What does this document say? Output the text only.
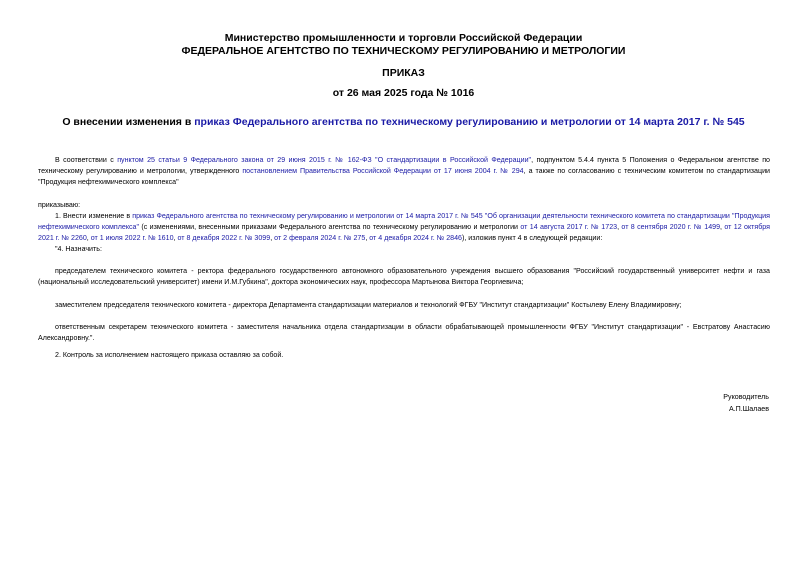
Министерство промышленности и торговли Российской Федерации
ФЕДЕРАЛЬНОЕ АГЕНТСТВО ПО ТЕХНИЧЕСКОМУ РЕГУЛИРОВАНИЮ И МЕТРОЛОГИИ
ПРИКАЗ
от 26 мая 2025 года № 1016
О внесении изменения в приказ Федерального агентства по техническому регулированию и метрологии от 14 марта 2017 г. № 545

В соответствии с пунктом 25 статьи 9 Федерального закона от 29 июня 2015 г. № 162-ФЗ "О стандартизации в Российской Федерации", подпунктом 5.4.4 пункта 5 Положения о Федеральном агентстве по техническому регулированию и метрологии, утвержденного постановлением Правительства Российской Федерации от 17 июня 2004 г. № 294, а также по согласованию с техническим комитетом по стандартизации "Продукция нефтехимического комплекса"

приказываю:

1. Внести изменение в приказ Федерального агентства по техническому регулированию и метрологии от 14 марта 2017 г. № 545 "Об организации деятельности технического комитета по стандартизации "Продукция нефтехимического комплекса" (с изменениями, внесенными приказами Федерального агентства по техническому регулированию и метрологии от 14 августа 2017 г. № 1723, от 8 сентября 2020 г. № 1499, от 12 октября 2021 г. № 2260, от 1 июля 2022 г. № 1610, от 8 декабря 2022 г. № 3099, от 2 февраля 2024 г. № 275, от 4 декабря 2024 г. № 2846), изложив пункт 4 в следующей редакции:

"4. Назначить:

председателем технического комитета - ректора федерального государственного автономного образовательного учреждения высшего образования "Российский государственный университет нефти и газа (национальный исследовательский университет) имени И.М.Губкина", доктора экономических наук, профессора Мартынова Виктора Георгиевича;

заместителем председателя технического комитета - директора Департамента стандартизации материалов и технологий ФГБУ "Институт стандартизации" Костылеву Елену Владимировну;

ответственным секретарем технического комитета - заместителя начальника отдела стандартизации в области обрабатывающей промышленности ФГБУ "Институт стандартизации" - Евстратову Анастасию Александровну.".

2. Контроль за исполнением настоящего приказа оставляю за собой.

Руководитель
А.П.Шалаев
